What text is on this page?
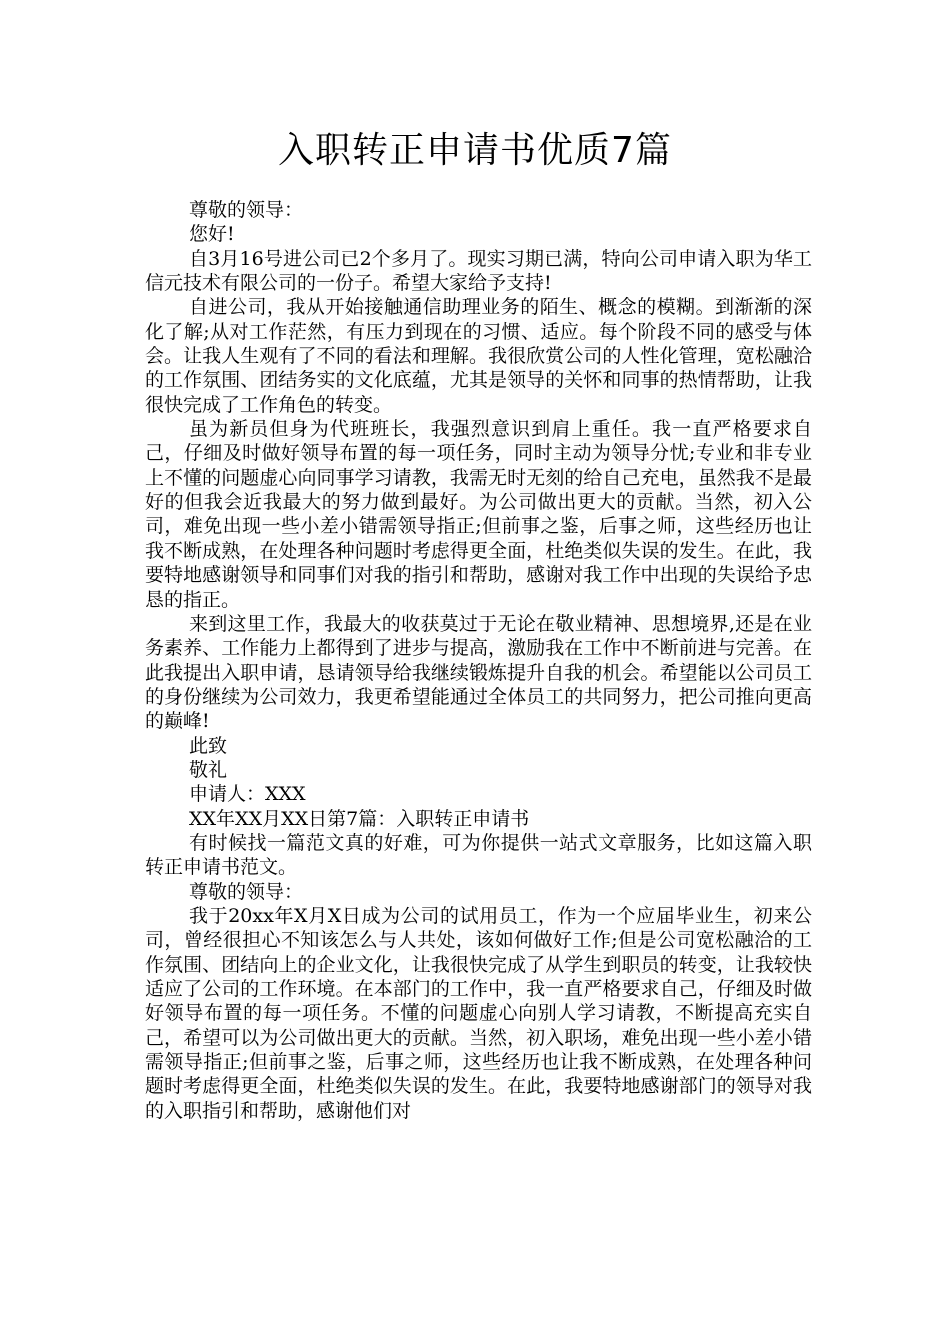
入职转正申请书优质7篇

尊敬的领导：

您好!

自3月16号进公司已2个多月了。现实习期已满，特向公司申请入职为华工信元技术有限公司的一份子。希望大家给予支持!

自进公司，我从开始接触通信助理业务的陌生、概念的模糊。到渐渐的深化了解;从对工作茫然，有压力到现在的习惯、适应。每个阶段不同的感受与体会。让我人生观有了不同的看法和理解。我很欣赏公司的人性化管理，宽松融洽的工作氛围、团结务实的文化底蕴，尤其是领导的关怀和同事的热情帮助，让我很快完成了工作角色的转变。

虽为新员但身为代班班长，我强烈意识到肩上重任。我一直严格要求自己，仔细及时做好领导布置的每一项任务，同时主动为领导分忧;专业和非专业上不懂的问题虚心向同事学习请教，我需无时无刻的给自己充电，虽然我不是最好的但我会近我最大的努力做到最好。为公司做出更大的贡献。当然，初入公司，难免出现一些小差小错需领导指正;但前事之鉴，后事之师，这些经历也让我不断成熟，在处理各种问题时考虑得更全面，杜绝类似失误的发生。在此，我要特地感谢领导和同事们对我的指引和帮助，感谢对我工作中出现的失误给予忠恳的指正。

来到这里工作，我最大的收获莫过于无论在敬业精神、思想境界,还是在业务素养、工作能力上都得到了进步与提高，激励我在工作中不断前进与完善。在此我提出入职申请，恳请领导给我继续锻炼提升自我的机会。希望能以公司员工的身份继续为公司效力，我更希望能通过全体员工的共同努力，把公司推向更高的巅峰!

此致

敬礼

申请人：XXX

XX年XX月XX日第7篇：入职转正申请书

有时候找一篇范文真的好难，可为你提供一站式文章服务，比如这篇入职转正申请书范文。

尊敬的领导：

我于20xx年X月X日成为公司的试用员工，作为一个应届毕业生，初来公司，曾经很担心不知该怎么与人共处，该如何做好工作;但是公司宽松融洽的工作氛围、团结向上的企业文化，让我很快完成了从学生到职员的转变，让我较快适应了公司的工作环境。在本部门的工作中，我一直严格要求自己，仔细及时做好领导布置的每一项任务。不懂的问题虚心向别人学习请教，不断提高充实自己，希望可以为公司做出更大的贡献。当然，初入职场，难免出现一些小差小错需领导指正;但前事之鉴，后事之师，这些经历也让我不断成熟，在处理各种问题时考虑得更全面，杜绝类似失误的发生。在此，我要特地感谢部门的领导对我的入职指引和帮助，感谢他们对
